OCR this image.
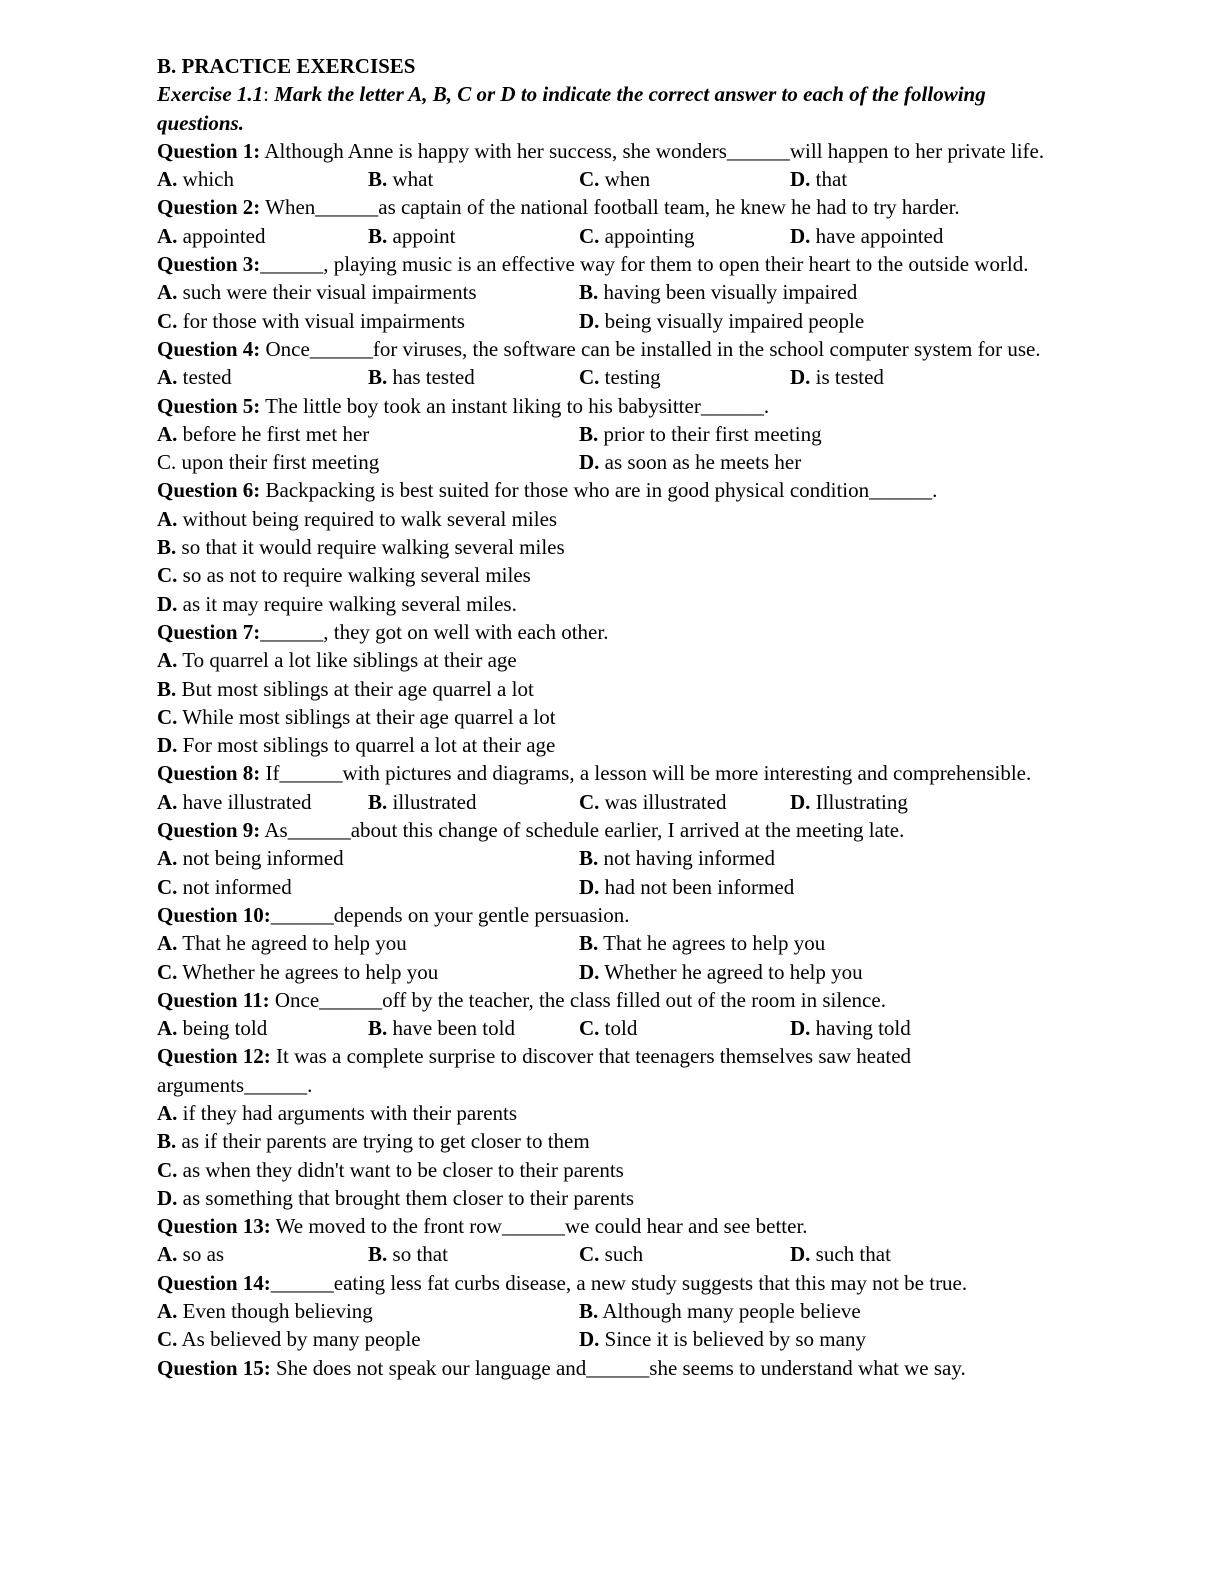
B. PRACTICE EXERCISES
Exercise 1.1: Mark the letter A, B, C or D to indicate the correct answer to each of the following questions.
Question 1: Although Anne is happy with her success, she wonders______will happen to her private life.
A. which	B. what	C. when	D. that
Question 2: When______as captain of the national football team, he knew he had to try harder.
A. appointed	B. appoint	C. appointing	D. have appointed
Question 3:______, playing music is an effective way for them to open their heart to the outside world.
A. such were their visual impairments	B. having been visually impaired
C. for those with visual impairments	D. being visually impaired people
Question 4: Once______for viruses, the software can be installed in the school computer system for use.
A. tested	B. has tested	C. testing	D. is tested
Question 5: The little boy took an instant liking to his babysitter______.
A. before he first met her	B. prior to their first meeting
C. upon their first meeting	D. as soon as he meets her
Question 6: Backpacking is best suited for those who are in good physical condition______.
A. without being required to walk several miles
B. so that it would require walking several miles
C. so as not to require walking several miles
D. as it may require walking several miles.
Question 7:______, they got on well with each other.
A. To quarrel a lot like siblings at their age
B. But most siblings at their age quarrel a lot
C. While most siblings at their age quarrel a lot
D. For most siblings to quarrel a lot at their age
Question 8: If______with pictures and diagrams, a lesson will be more interesting and comprehensible.
A. have illustrated	B. illustrated	C. was illustrated	D. Illustrating
Question 9: As______about this change of schedule earlier, I arrived at the meeting late.
A. not being informed	B. not having informed
C. not informed	D. had not been informed
Question 10:______depends on your gentle persuasion.
A. That he agreed to help you	B. That he agrees to help you
C. Whether he agrees to help you	D. Whether he agreed to help you
Question 11: Once______off by the teacher, the class filled out of the room in silence.
A. being told	B. have been told	C. told	D. having told
Question 12: It was a complete surprise to discover that teenagers themselves saw heated arguments______.
A. if they had arguments with their parents
B. as if their parents are trying to get closer to them
C. as when they didn't want to be closer to their parents
D. as something that brought them closer to their parents
Question 13: We moved to the front row______we could hear and see better.
A. so as	B. so that	C. such	D. such that
Question 14:______eating less fat curbs disease, a new study suggests that this may not be true.
A. Even though believing	B. Although many people believe
C. As believed by many people	D. Since it is believed by so many
Question 15: She does not speak our language and______she seems to understand what we say.
